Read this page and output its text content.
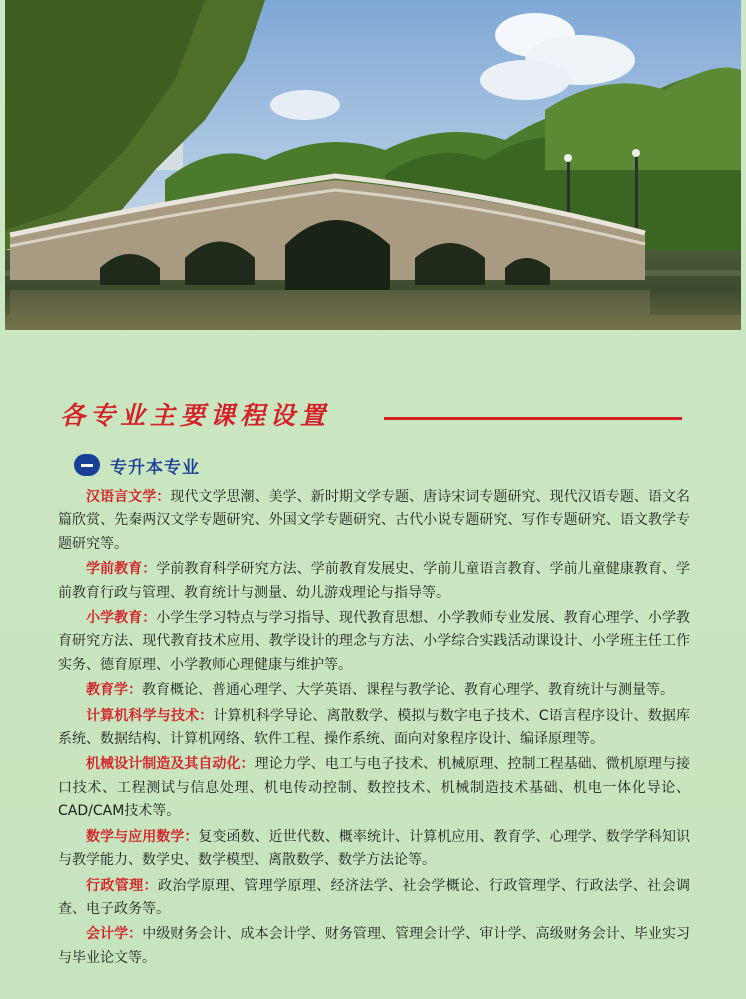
各专业主要课程设置
专升本专业

汉语言文学：现代文学思潮、美学、新时期文学专题、唐诗宋词专题研究、现代汉语专题、语文名篇欣赏、先秦两汉文学专题研究、外国文学专题研究、古代小说专题研究、写作专题研究、语文教学专题研究等。

学前教育：学前教育科学研究方法、学前教育发展史、学前儿童语言教育、学前儿童健康教育、学前教育行政与管理、教育统计与测量、幼儿游戏理论与指导等。

小学教育：小学生学习特点与学习指导、现代教育思想、小学教师专业发展、教育心理学、小学教育研究方法、现代教育技术应用、教学设计的理念与方法、小学综合实践活动课设计、小学班主任工作实务、德育原理、小学教师心理健康与维护等。

教育学：教育概论、普通心理学、大学英语、课程与教学论、教育心理学、教育统计与测量等。

计算机科学与技术：计算机科学导论、离散数学、模拟与数字电子技术、C语言程序设计、数据库系统、数据结构、计算机网络、软件工程、操作系统、面向对象程序设计、编译原理等。

机械设计制造及其自动化：理论力学、电工与电子技术、机械原理、控制工程基础、微机原理与接口技术、工程测试与信息处理、机电传动控制、数控技术、机械制造技术基础、机电一体化导论、CAD/CAM技术等。

数学与应用数学：复变函数、近世代数、概率统计、计算机应用、教育学、心理学、数学学科知识与教学能力、数学史、数学模型、离散数学、数学方法论等。

行政管理：政治学原理、管理学原理、经济法学、社会学概论、行政管理学、行政法学、社会调查、电子政务等。

会计学：中级财务会计、成本会计学、财务管理、管理会计学、审计学、高级财务会计、毕业实习与毕业论文等。
